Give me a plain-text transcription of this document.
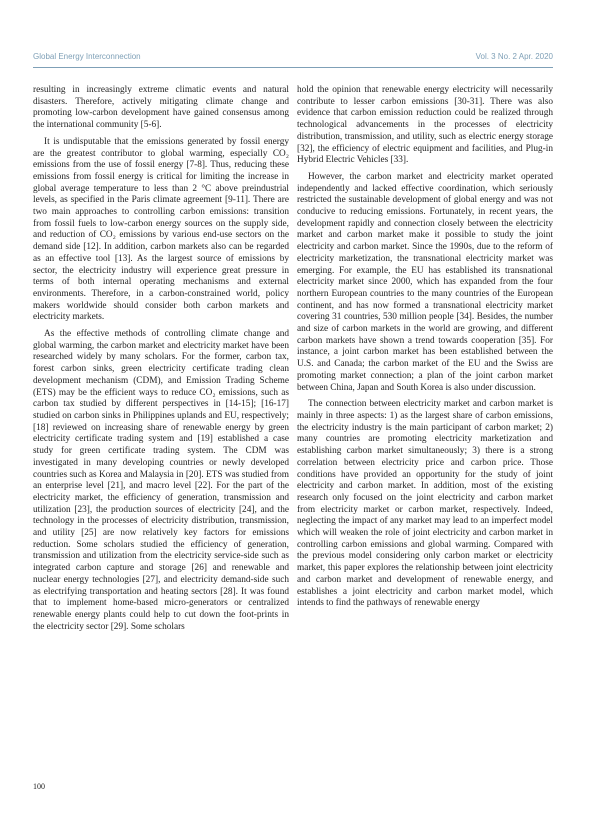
Global Energy Interconnection	Vol. 3 No. 2 Apr. 2020

resulting in increasingly extreme climatic events and natural disasters. Therefore, actively mitigating climate change and promoting low-carbon development have gained consensus among the international community [5-6].

It is undisputable that the emissions generated by fossil energy are the greatest contributor to global warming, especially CO₂ emissions from the use of fossil energy [7-8]. Thus, reducing these emissions from fossil energy is critical for limiting the increase in global average temperature to less than 2 °C above preindustrial levels, as specified in the Paris climate agreement [9-11]. There are two main approaches to controlling carbon emissions: transition from fossil fuels to low-carbon energy sources on the supply side, and reduction of CO₂ emissions by various end-use sectors on the demand side [12]. In addition, carbon markets also can be regarded as an effective tool [13]. As the largest source of emissions by sector, the electricity industry will experience great pressure in terms of both internal operating mechanisms and external environments. Therefore, in a carbon-constrained world, policy makers worldwide should consider both carbon markets and electricity markets.

As the effective methods of controlling climate change and global warming, the carbon market and electricity market have been researched widely by many scholars. For the former, carbon tax, forest carbon sinks, green electricity certificate trading clean development mechanism (CDM), and Emission Trading Scheme (ETS) may be the efficient ways to reduce CO₂ emissions, such as carbon tax studied by different perspectives in [14-15]; [16-17] studied on carbon sinks in Philippines uplands and EU, respectively; [18] reviewed on increasing share of renewable energy by green electricity certificate trading system and [19] established a case study for green certificate trading system. The CDM was investigated in many developing countries or newly developed countries such as Korea and Malaysia in [20]. ETS was studied from an enterprise level [21], and macro level [22]. For the part of the electricity market, the efficiency of generation, transmission and utilization [23], the production sources of electricity [24], and the technology in the processes of electricity distribution, transmission, and utility [25] are now relatively key factors for emissions reduction. Some scholars studied the efficiency of generation, transmission and utilization from the electricity service-side such as integrated carbon capture and storage [26] and renewable and nuclear energy technologies [27], and electricity demand-side such as electrifying transportation and heating sectors [28]. It was found that to implement home-based micro-generators or centralized renewable energy plants could help to cut down the foot-prints in the electricity sector [29]. Some scholars

hold the opinion that renewable energy electricity will necessarily contribute to lesser carbon emissions [30-31]. There was also evidence that carbon emission reduction could be realized through technological advancements in the processes of electricity distribution, transmission, and utility, such as electric energy storage [32], the efficiency of electric equipment and facilities, and Plug-in Hybrid Electric Vehicles [33].

However, the carbon market and electricity market operated independently and lacked effective coordination, which seriously restricted the sustainable development of global energy and was not conducive to reducing emissions. Fortunately, in recent years, the development rapidly and connection closely between the electricity market and carbon market make it possible to study the joint electricity and carbon market. Since the 1990s, due to the reform of electricity marketization, the transnational electricity market was emerging. For example, the EU has established its transnational electricity market since 2000, which has expanded from the four northern European countries to the many countries of the European continent, and has now formed a transnational electricity market covering 31 countries, 530 million people [34]. Besides, the number and size of carbon markets in the world are growing, and different carbon markets have shown a trend towards cooperation [35]. For instance, a joint carbon market has been established between the U.S. and Canada; the carbon market of the EU and the Swiss are promoting market connection; a plan of the joint carbon market between China, Japan and South Korea is also under discussion.

The connection between electricity market and carbon market is mainly in three aspects: 1) as the largest share of carbon emissions, the electricity industry is the main participant of carbon market; 2) many countries are promoting electricity marketization and establishing carbon market simultaneously; 3) there is a strong correlation between electricity price and carbon price. Those conditions have provided an opportunity for the study of joint electricity and carbon market. In addition, most of the existing research only focused on the joint electricity and carbon market from electricity market or carbon market, respectively. Indeed, neglecting the impact of any market may lead to an imperfect model which will weaken the role of joint electricity and carbon market in controlling carbon emissions and global warming. Compared with the previous model considering only carbon market or electricity market, this paper explores the relationship between joint electricity and carbon market and development of renewable energy, and establishes a joint electricity and carbon market model, which intends to find the pathways of renewable energy

100
